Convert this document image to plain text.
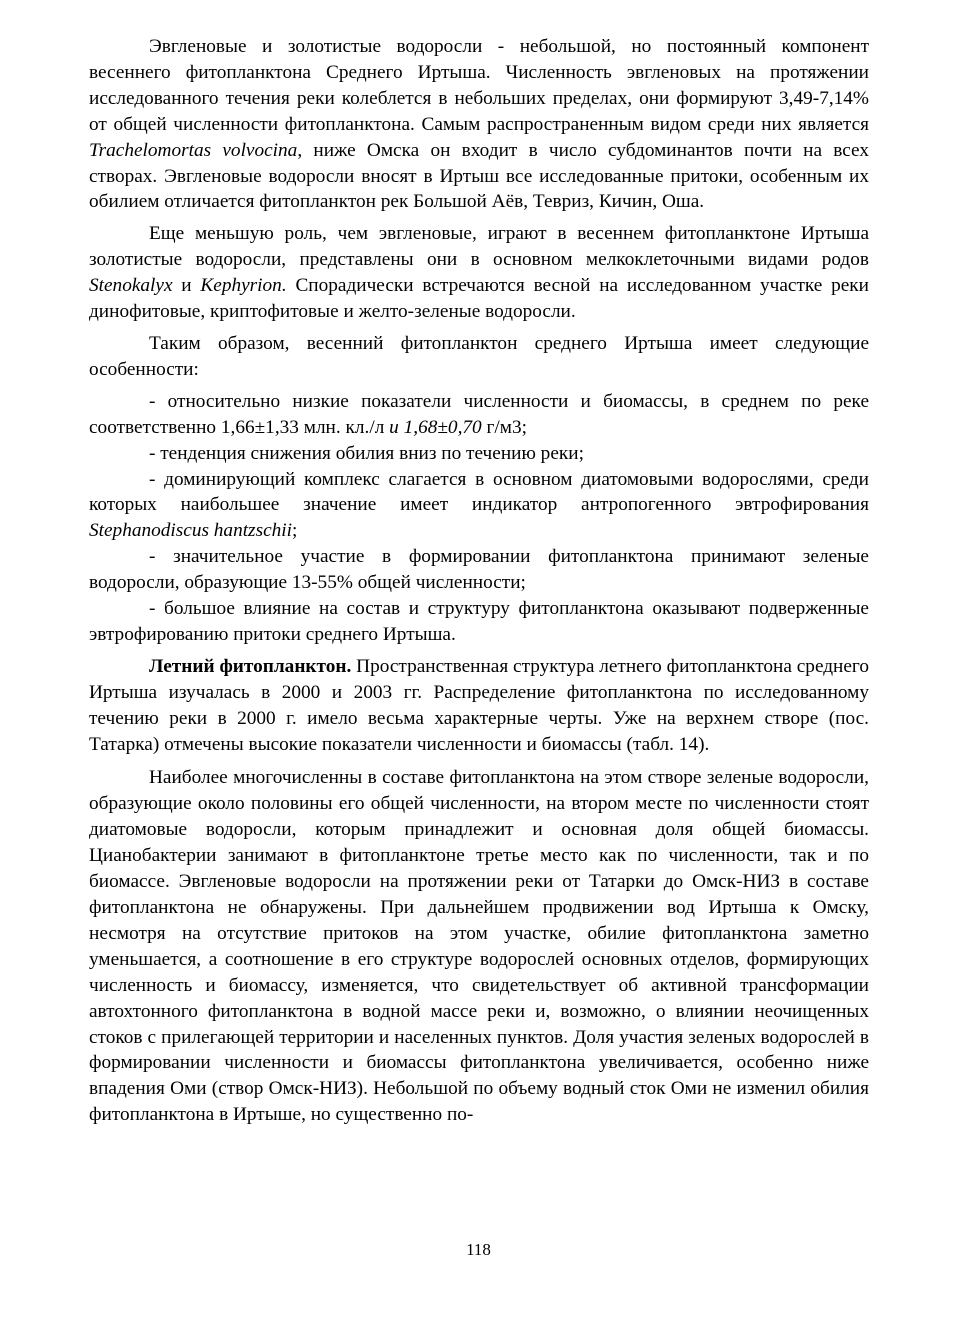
Эвгленовые и золотистые водоросли - небольшой, но постоянный компонент весеннего фитопланктона Среднего Иртыша. Численность эвгленовых на протяжении исследованного течения реки колеблется в небольших пределах, они формируют 3,49-7,14% от общей численности фитопланктона. Самым распространенным видом среди них является Trachelomortas volvocina, ниже Омска он входит в число субдоминантов почти на всех створах. Эвгленовые водоросли вносят в Иртыш все исследованные притоки, особенным их обилием отличается фитопланктон рек Большой Аёв, Тевриз, Кичин, Оша.

Еще меньшую роль, чем эвгленовые, играют в весеннем фитопланктоне Иртыша золотистые водоросли, представлены они в основном мелкоклеточными видами родов Stenokalyx и Kephyrion. Спорадически встречаются весной на исследованном участке реки динофитовые, криптофитовые и желто-зеленые водоросли.

Таким образом, весенний фитопланктон среднего Иртыша имеет следующие особенности:

- относительно низкие показатели численности и биомассы, в среднем по реке соответственно 1,66±1,33 млн. кл./л и 1,68±0,70 г/м3;

- тенденция снижения обилия вниз по течению реки;

- доминирующий комплекс слагается в основном диатомовыми водорослями, среди которых наибольшее значение имеет индикатор антропогенного эвтрофирования Stephanodiscus hantzschii;

- значительное участие в формировании фитопланктона принимают зеленые водоросли, образующие 13-55% общей численности;

- большое влияние на состав и структуру фитопланктона оказывают подверженные эвтрофированию притоки среднего Иртыша.

Летний фитопланктон. Пространственная структура летнего фитопланктона среднего Иртыша изучалась в 2000 и 2003 гг. Распределение фитопланктона по исследованному течению реки в 2000 г. имело весьма характерные черты. Уже на верхнем створе (пос. Татарка) отмечены высокие показатели численности и биомассы (табл. 14).

Наиболее многочисленны в составе фитопланктона на этом створе зеленые водоросли, образующие около половины его общей численности, на втором месте по численности стоят диатомовые водоросли, которым принадлежит и основная доля общей биомассы. Цианобактерии занимают в фитопланктоне третье место как по численности, так и по биомассе. Эвгленовые водоросли на протяжении реки от Татарки до Омск-НИЗ в составе фитопланктона не обнаружены. При дальнейшем продвижении вод Иртыша к Омску, несмотря на отсутствие притоков на этом участке, обилие фитопланктона заметно уменьшается, а соотношение в его структуре водорослей основных отделов, формирующих численность и биомассу, изменяется, что свидетельствует об активной трансформации автохтонного фитопланктона в водной массе реки и, возможно, о влиянии неочищенных стоков с прилегающей территории и населенных пунктов. Доля участия зеленых водорослей в формировании численности и биомассы фитопланктона увеличивается, особенно ниже впадения Оми (створ Омск-НИЗ). Небольшой по объему водный сток Оми не изменил обилия фитопланктона в Иртыше, но существенно по-

118
